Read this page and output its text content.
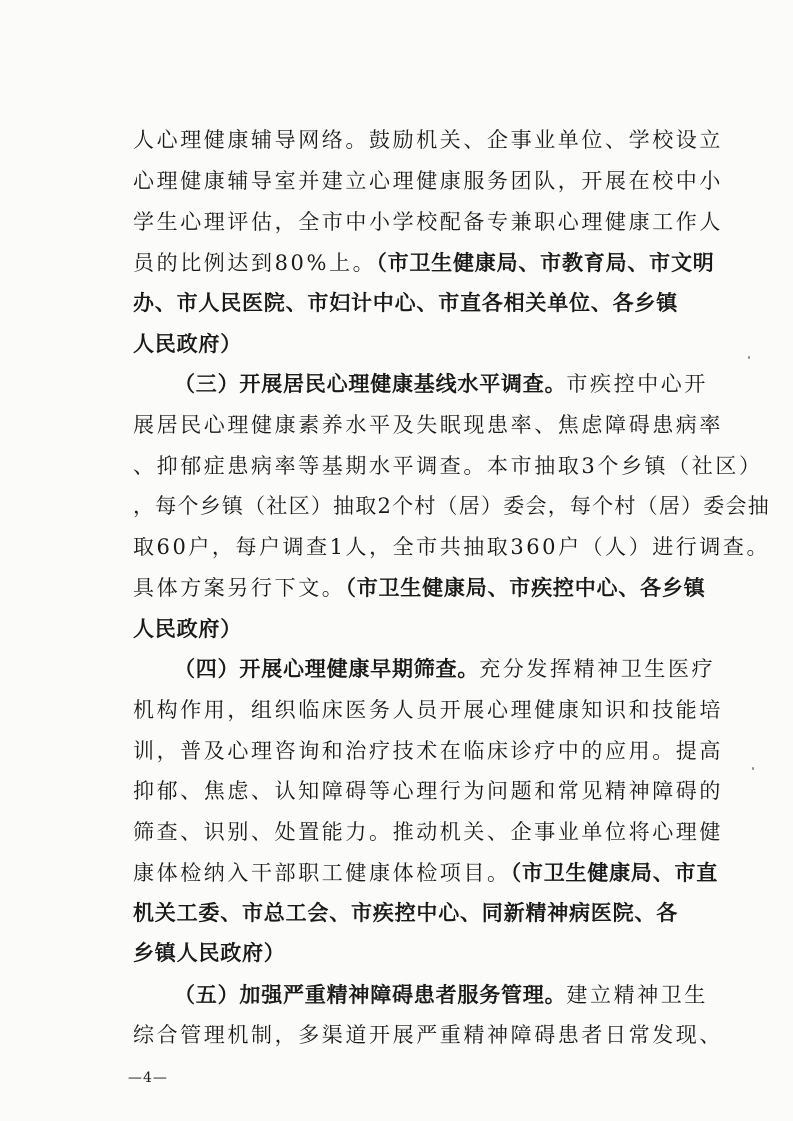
人心理健康辅导网络。鼓励机关、企事业单位、学校设立
心理健康辅导室并建立心理健康服务团队，开展在校中小
学生心理评估，全市中小学校配备专兼职心理健康工作人
员的比例达到80%上。（市卫生健康局、市教育局、市文明
办、市人民医院、市妇计中心、市直各相关单位、各乡镇
人民政府）
（三）开展居民心理健康基线水平调查。市疾控中心开
展居民心理健康素养水平及失眠现患率、焦虑障碍患病率
、抑郁症患病率等基期水平调查。本市抽取3个乡镇（社区）
，每个乡镇（社区）抽取2个村（居）委会，每个村（居）委会抽
取60户，每户调查1人，全市共抽取360户（人）进行调查。
具体方案另行下文。（市卫生健康局、市疾控中心、各乡镇
人民政府）
（四）开展心理健康早期筛查。充分发挥精神卫生医疗
机构作用，组织临床医务人员开展心理健康知识和技能培
训，普及心理咨询和治疗技术在临床诊疗中的应用。提高
抑郁、焦虑、认知障碍等心理行为问题和常见精神障碍的
筛查、识别、处置能力。推动机关、企事业单位将心理健
康体检纳入干部职工健康体检项目。（市卫生健康局、市直
机关工委、市总工会、市疾控中心、同新精神病医院、各
乡镇人民政府）
（五）加强严重精神障碍患者服务管理。建立精神卫生
综合管理机制，多渠道开展严重精神障碍患者日常发现、
—4—
